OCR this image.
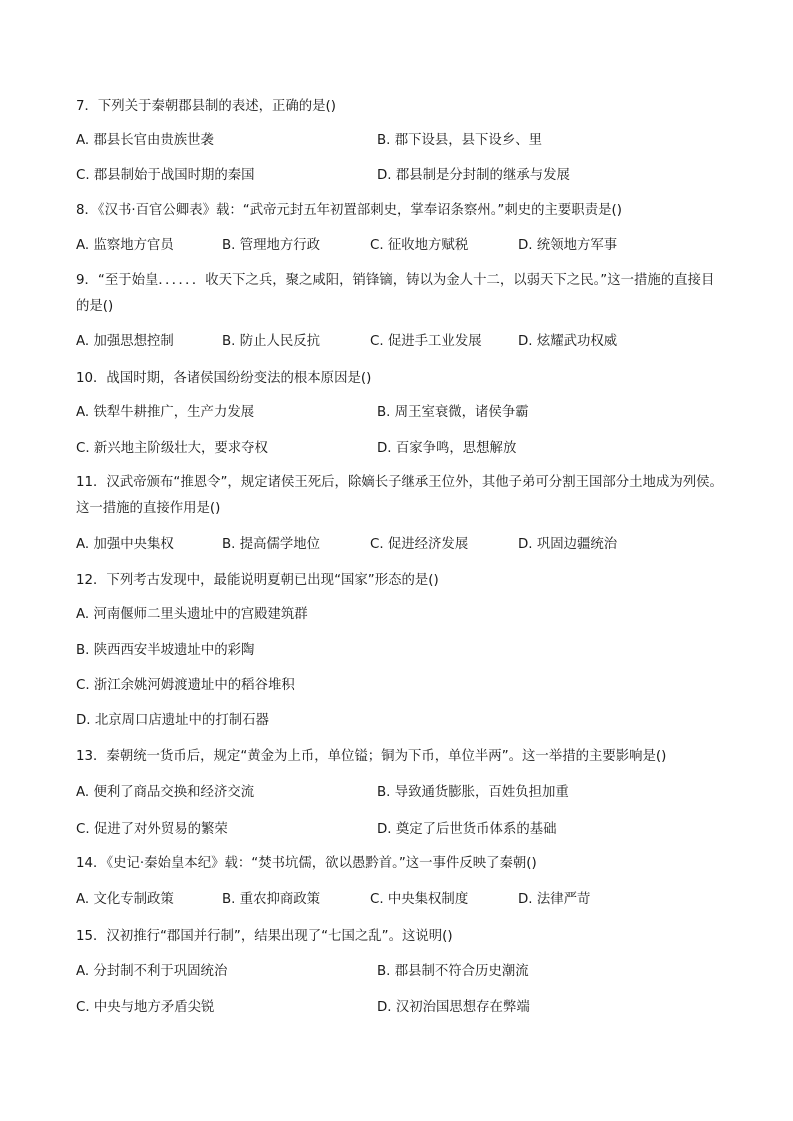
7．下列关于秦朝郡县制的表述，正确的是()
A. 郡县长官由贵族世袭	B. 郡下设县，县下设乡、里
C. 郡县制始于战国时期的秦国	D. 郡县制是分封制的继承与发展
8．《汉书·百官公卿表》载：“武帝元封五年初置部刺史，掌奉诏条察州。”刺史的主要职责是()
A. 监察地方官员	B. 管理地方行政	C. 征收地方赋税	D. 统领地方军事
9．“至于始皇．．．．．．收天下之兵，聚之咸阳，销锋镝，铸以为金人十二，以弱天下之民。”这一措施的直接目的是()
A. 加强思想控制	B. 防止人民反抗	C. 促进手工业发展	D. 炫耀武功权威
10．战国时期，各诸侯国纷纷变法的根本原因是()
A. 铁犁牛耕推广，生产力发展	B. 周王室衰微，诸侯争霸
C. 新兴地主阶级壮大，要求夺权	D. 百家争鸣，思想解放
11．汉武帝颁布“推恩令”，规定诸侯王死后，除嫡长子继承王位外，其他子弟可分割王国部分土地成为列侯。这一措施的直接作用是()
A. 加强中央集权	B. 提高儒学地位	C. 促进经济发展	D. 巩固边疆统治
12．下列考古发现中，最能说明夏朝已出现“国家”形态的是()
A. 河南偃师二里头遗址中的宫殿建筑群
B. 陕西西安半坡遗址中的彩陶
C. 浙江余姚河姆渡遗址中的稻谷堆积
D. 北京周口店遗址中的打制石器
13．秦朝统一货币后，规定“黄金为上币，单位镒；铜为下币，单位半两”。这一举措的主要影响是()
A. 便利了商品交换和经济交流	B. 导致通货膨胀，百姓负担加重
C. 促进了对外贸易的繁荣	D. 奠定了后世货币体系的基础
14．《史记·秦始皇本纪》载：“焚书坑儒，欲以愚黔首。”这一事件反映了秦朝()
A. 文化专制政策	B. 重农抑商政策	C. 中央集权制度	D. 法律严苛
15．汉初推行“郡国并行制”，结果出现了“七国之乱”。这说明()
A. 分封制不利于巩固统治	B. 郡县制不符合历史潮流
C. 中央与地方矛盾尖锐	D. 汉初治国思想存在弊端
